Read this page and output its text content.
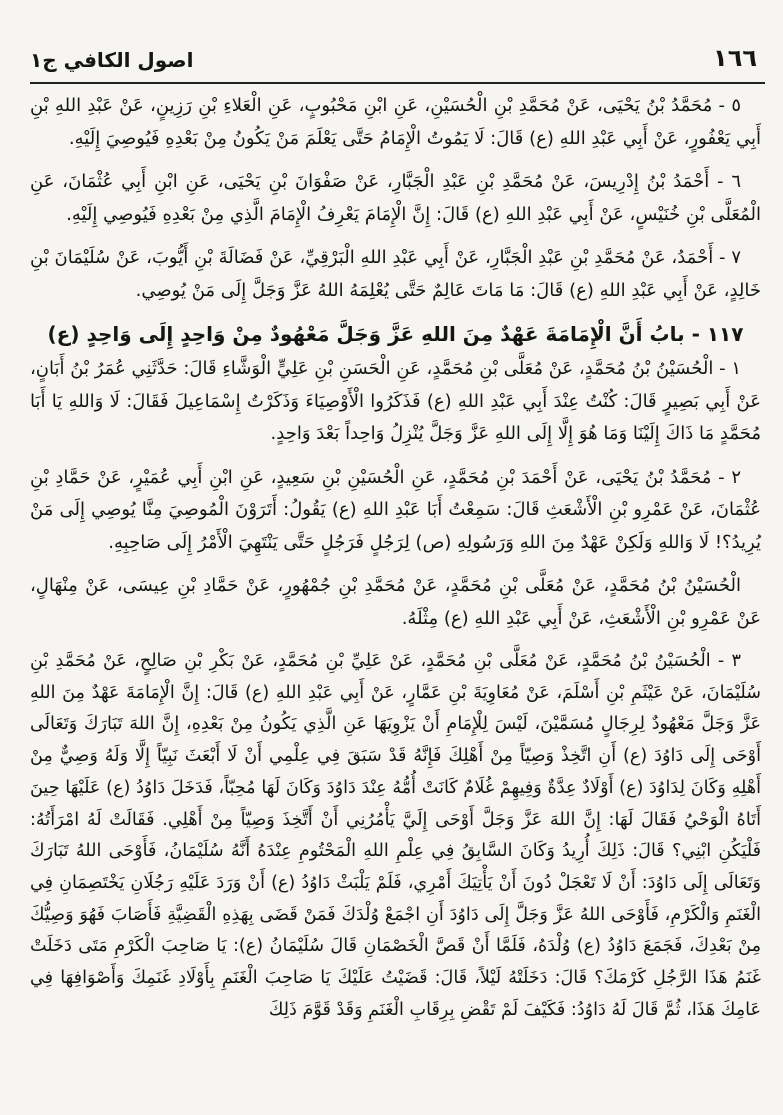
١٦٦
اصول الكافي ج١

٥ - مُحَمَّدُ بْنُ يَحْيَى، عَنْ مُحَمَّدِ بْنِ الْحُسَيْنِ، عَنِ ابْنِ مَحْبُوبٍ، عَنِ الْعَلاءِ بْنِ رَزِينٍ، عَنْ عَبْدِ اللهِ بْنِ أَبِي يَعْفُورٍ، عَنْ أَبِي عَبْدِ اللهِ (ع) قَالَ: لَا يَمُوتُ الْإِمَامُ حَتَّى يَعْلَمَ مَنْ يَكُونُ مِنْ بَعْدِهِ فَيُوصِيَ إِلَيْهِ.

٦ - أَحْمَدُ بْنُ إِدْرِيسَ، عَنْ مُحَمَّدِ بْنِ عَبْدِ الْجَبَّارِ، عَنْ صَفْوَانَ بْنِ يَحْيَى، عَنِ ابْنِ أَبِي عُثْمَانَ، عَنِ الْمُعَلَّى بْنِ خُنَيْسٍ، عَنْ أَبِي عَبْدِ اللهِ (ع) قَالَ: إِنَّ الْإِمَامَ يَعْرِفُ الْإِمَامَ الَّذِي مِنْ بَعْدِهِ فَيُوصِي إِلَيْهِ.

٧ - أَحْمَدُ، عَنْ مُحَمَّدِ بْنِ عَبْدِ الْجَبَّارِ، عَنْ أَبِي عَبْدِ اللهِ الْبَرْقِيِّ، عَنْ فَضَالَةَ بْنِ أَيُّوبَ، عَنْ سُلَيْمَانَ بْنِ خَالِدٍ، عَنْ أَبِي عَبْدِ اللهِ (ع) قَالَ: مَا مَاتَ عَالِمٌ حَتَّى يُعْلِمَهُ اللهُ عَزَّ وَجَلَّ إِلَى مَنْ يُوصِي.

١١٧ - بابُ أَنَّ الْإِمَامَةَ عَهْدٌ مِنَ اللهِ عَزَّ وَجَلَّ مَعْهُودٌ مِنْ وَاحِدٍ إِلَى وَاحِدٍ (ع)

١ - الْحُسَيْنُ بْنُ مُحَمَّدٍ، عَنْ مُعَلَّى بْنِ مُحَمَّدٍ، عَنِ الْحَسَنِ بْنِ عَلِيٍّ الْوَشَّاءِ قَالَ: حَدَّثَنِي عُمَرُ بْنُ أَبَانٍ، عَنْ أَبِي بَصِيرٍ قَالَ: كُنْتُ عِنْدَ أَبِي عَبْدِ اللهِ (ع) فَذَكَرُوا الْأَوْصِيَاءَ وَذَكَرْتُ إِسْمَاعِيلَ فَقَالَ: لَا وَاللهِ يَا أَبَا مُحَمَّدٍ مَا ذَاكَ إِلَيْنَا وَمَا هُوَ إِلَّا إِلَى اللهِ عَزَّ وَجَلَّ يُنْزِلُ وَاحِداً بَعْدَ وَاحِدٍ.

٢ - مُحَمَّدُ بْنُ يَحْيَى، عَنْ أَحْمَدَ بْنِ مُحَمَّدٍ، عَنِ الْحُسَيْنِ بْنِ سَعِيدٍ، عَنِ ابْنِ أَبِي عُمَيْرٍ، عَنْ حَمَّادِ بْنِ عُثْمَانَ، عَنْ عَمْرِو بْنِ الْأَشْعَثِ قَالَ: سَمِعْتُ أَبَا عَبْدِ اللهِ (ع) يَقُولُ: أَتَرَوْنَ الْمُوصِيَ مِنَّا يُوصِي إِلَى مَنْ يُرِيدُ؟! لَا وَاللهِ وَلَكِنْ عَهْدٌ مِنَ اللهِ وَرَسُولِهِ (ص) لِرَجُلٍ فَرَجُلٍ حَتَّى يَنْتَهِيَ الْأَمْرُ إِلَى صَاحِبِهِ.

الْحُسَيْنُ بْنُ مُحَمَّدٍ، عَنْ مُعَلَّى بْنِ مُحَمَّدٍ، عَنْ مُحَمَّدِ بْنِ جُمْهُورٍ، عَنْ حَمَّادِ بْنِ عِيسَى، عَنْ مِنْهَالٍ، عَنْ عَمْرِو بْنِ الْأَشْعَثِ، عَنْ أَبِي عَبْدِ اللهِ (ع) مِثْلَهُ.

٣ - الْحُسَيْنُ بْنُ مُحَمَّدٍ، عَنْ مُعَلَّى بْنِ مُحَمَّدٍ، عَنْ عَلِيِّ بْنِ مُحَمَّدٍ، عَنْ بَكْرِ بْنِ صَالِحٍ، عَنْ مُحَمَّدِ بْنِ سُلَيْمَانَ، عَنْ عَيْثَمِ بْنِ أَسْلَمَ، عَنْ مُعَاوِيَةَ بْنِ عَمَّارٍ، عَنْ أَبِي عَبْدِ اللهِ (ع) قَالَ: إِنَّ الْإِمَامَةَ عَهْدٌ مِنَ اللهِ عَزَّ وَجَلَّ مَعْهُودٌ لِرِجَالٍ مُسَمَّيْنَ، لَيْسَ لِلْإِمَامِ أَنْ يَزْوِيَهَا عَنِ الَّذِي يَكُونُ مِنْ بَعْدِهِ، إِنَّ اللهَ تَبَارَكَ وَتَعَالَى أَوْحَى إِلَى دَاوُدَ (ع) أَنِ اتَّخِذْ وَصِيّاً مِنْ أَهْلِكَ فَإِنَّهُ قَدْ سَبَقَ فِي عِلْمِي أَنْ لَا أَبْعَثَ نَبِيّاً إِلَّا وَلَهُ وَصِيٌّ مِنْ أَهْلِهِ وَكَانَ لِدَاوُدَ (ع) أَوْلَادٌ عِدَّةٌ وَفِيهِمْ غُلَامٌ كَانَتْ أُمُّهُ عِنْدَ دَاوُدَ وَكَانَ لَهَا مُحِبّاً، فَدَخَلَ دَاوُدُ (ع) عَلَيْهَا حِينَ أَتَاهُ الْوَحْيُ فَقَالَ لَهَا: إِنَّ اللهَ عَزَّ وَجَلَّ أَوْحَى إِلَيَّ يَأْمُرُنِي أَنْ أَتَّخِذَ وَصِيّاً مِنْ أَهْلِي. فَقَالَتْ لَهُ امْرَأَتُهُ: فَلْيَكُنِ ابْنِي؟ قَالَ: ذَلِكَ أُرِيدُ وَكَانَ السَّابِقُ فِي عِلْمِ اللهِ الْمَحْتُومِ عِنْدَهُ أَنَّهُ سُلَيْمَانُ، فَأَوْحَى اللهُ تَبَارَكَ وَتَعَالَى إِلَى دَاوُدَ: أَنْ لَا تَعْجَلْ دُونَ أَنْ يَأْتِيَكَ أَمْرِي، فَلَمْ يَلْبَثْ دَاوُدُ (ع) أَنْ وَرَدَ عَلَيْهِ رَجُلَانِ يَخْتَصِمَانِ فِي الْغَنَمِ وَالْكَرْمِ، فَأَوْحَى اللهُ عَزَّ وَجَلَّ إِلَى دَاوُدَ أَنِ اجْمَعْ وُلْدَكَ فَمَنْ قَضَى بِهَذِهِ الْقَضِيَّةِ فَأَصَابَ فَهُوَ وَصِيُّكَ مِنْ بَعْدِكَ، فَجَمَعَ دَاوُدُ (ع) وُلْدَهُ، فَلَمَّا أَنْ قَصَّ الْخَصْمَانِ قَالَ سُلَيْمَانُ (ع): يَا صَاحِبَ الْكَرْمِ مَتَى دَخَلَتْ غَنَمُ هَذَا الرَّجُلِ كَرْمَكَ؟ قَالَ: دَخَلَتْهُ لَيْلاً، قَالَ: قَضَيْتُ عَلَيْكَ يَا صَاحِبَ الْغَنَمِ بِأَوْلَادِ غَنَمِكَ وَأَصْوَافِهَا فِي عَامِكَ هَذَا، ثُمَّ قَالَ لَهُ دَاوُدُ: فَكَيْفَ لَمْ تَقْضِ بِرِقَابِ الْغَنَمِ وَقَدْ قَوَّمَ ذَلِكَ
